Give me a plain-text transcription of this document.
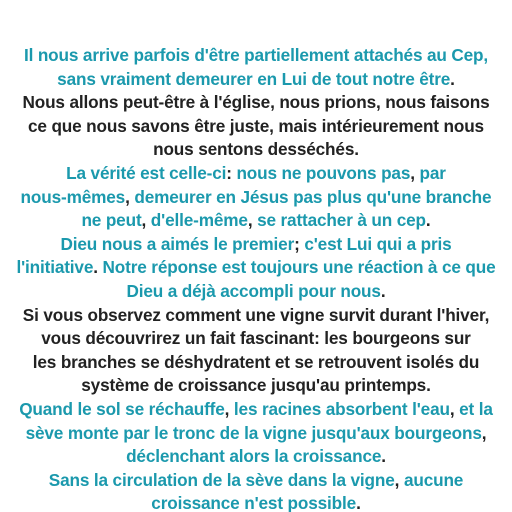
Il nous arrive parfois d'être partiellement attachés au Cep,
sans vraiment demeurer en Lui de tout notre être.
Nous allons peut-être à l'église, nous prions, nous faisons
ce que nous savons être juste, mais intérieurement nous
nous sentons desséchés.
La vérité est celle-ci: nous ne pouvons pas, par
nous-mêmes, demeurer en Jésus pas plus qu'une branche
ne peut, d'elle-même, se rattacher à un cep.
Dieu nous a aimés le premier; c'est Lui qui a pris
l'initiative. Notre réponse est toujours une réaction à ce que
Dieu a déjà accompli pour nous.
Si vous observez comment une vigne survit durant l'hiver,
vous découvrirez un fait fascinant: les bourgeons sur
les branches se déshydratent et se retrouvent isolés du
système de croissance jusqu'au printemps.
Quand le sol se réchauffe, les racines absorbent l'eau, et la
sève monte par le tronc de la vigne jusqu'aux bourgeons,
déclenchant alors la croissance.
Sans la circulation de la sève dans la vigne, aucune
croissance n'est possible.
